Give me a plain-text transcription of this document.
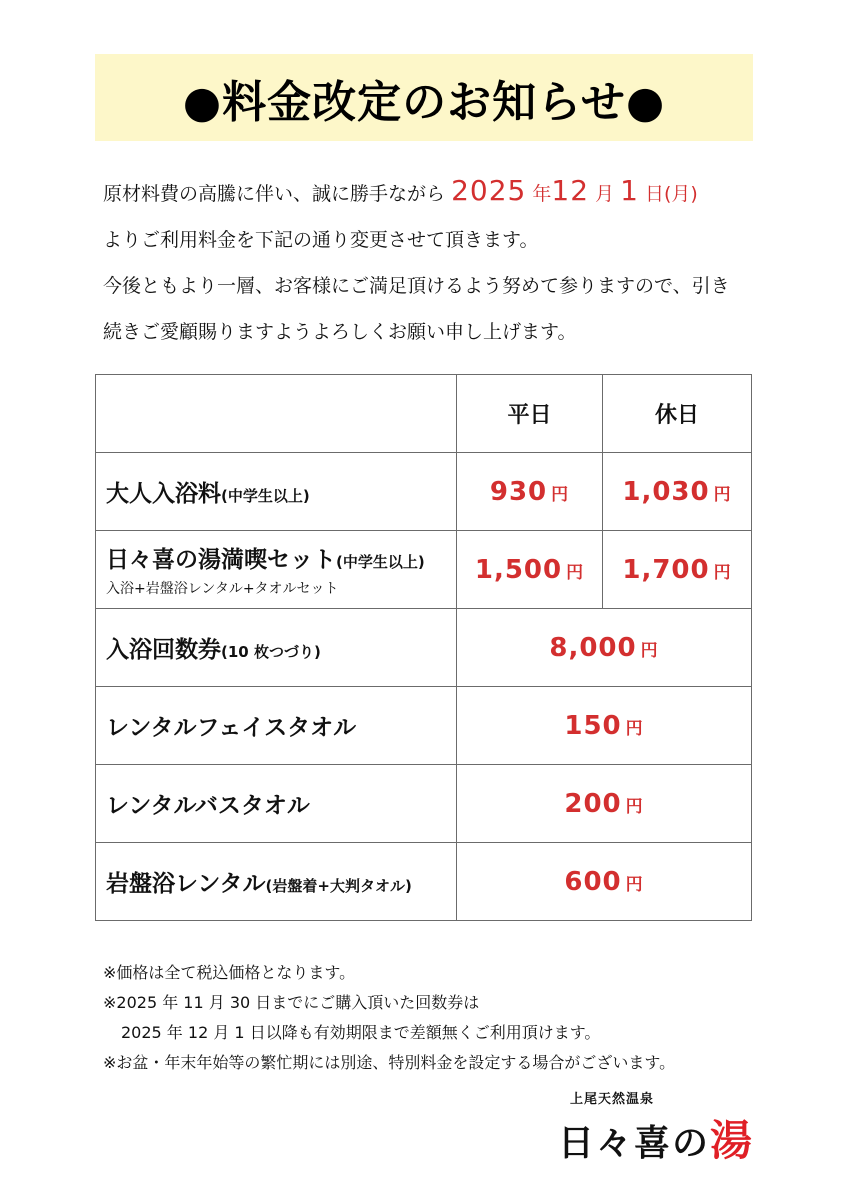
●料金改定のお知らせ●

原材料費の高騰に伴い、誠に勝手ながら 2025 年12 月 1 日(月)

よりご利用料金を下記の通り変更させて頂きます。

今後ともより一層、お客様にご満足頂けるよう努めて参りますので、引き

続きご愛顧賜りますようよろしくお願い申し上げます。

	平日	休日
大人入浴料(中学生以上)	930 円	1,030 円
日々喜の湯満喫セット(中学生以上)
入浴+岩盤浴レンタル+タオルセット	1,500 円	1,700 円
入浴回数券(10 枚つづり)	8,000 円	
レンタルフェイスタオル	150 円	
レンタルバスタオル	200 円	
岩盤浴レンタル(岩盤着+大判タオル)	600 円	

※価格は全て税込価格となります。

※2025 年 11 月 30 日までにご購入頂いた回数券は

2025 年 12 月 1 日以降も有効期限まで差額無くご利用頂けます。

※お盆・年末年始等の繁忙期には別途、特別料金を設定する場合がございます。

上尾天然温泉
日々喜の湯
